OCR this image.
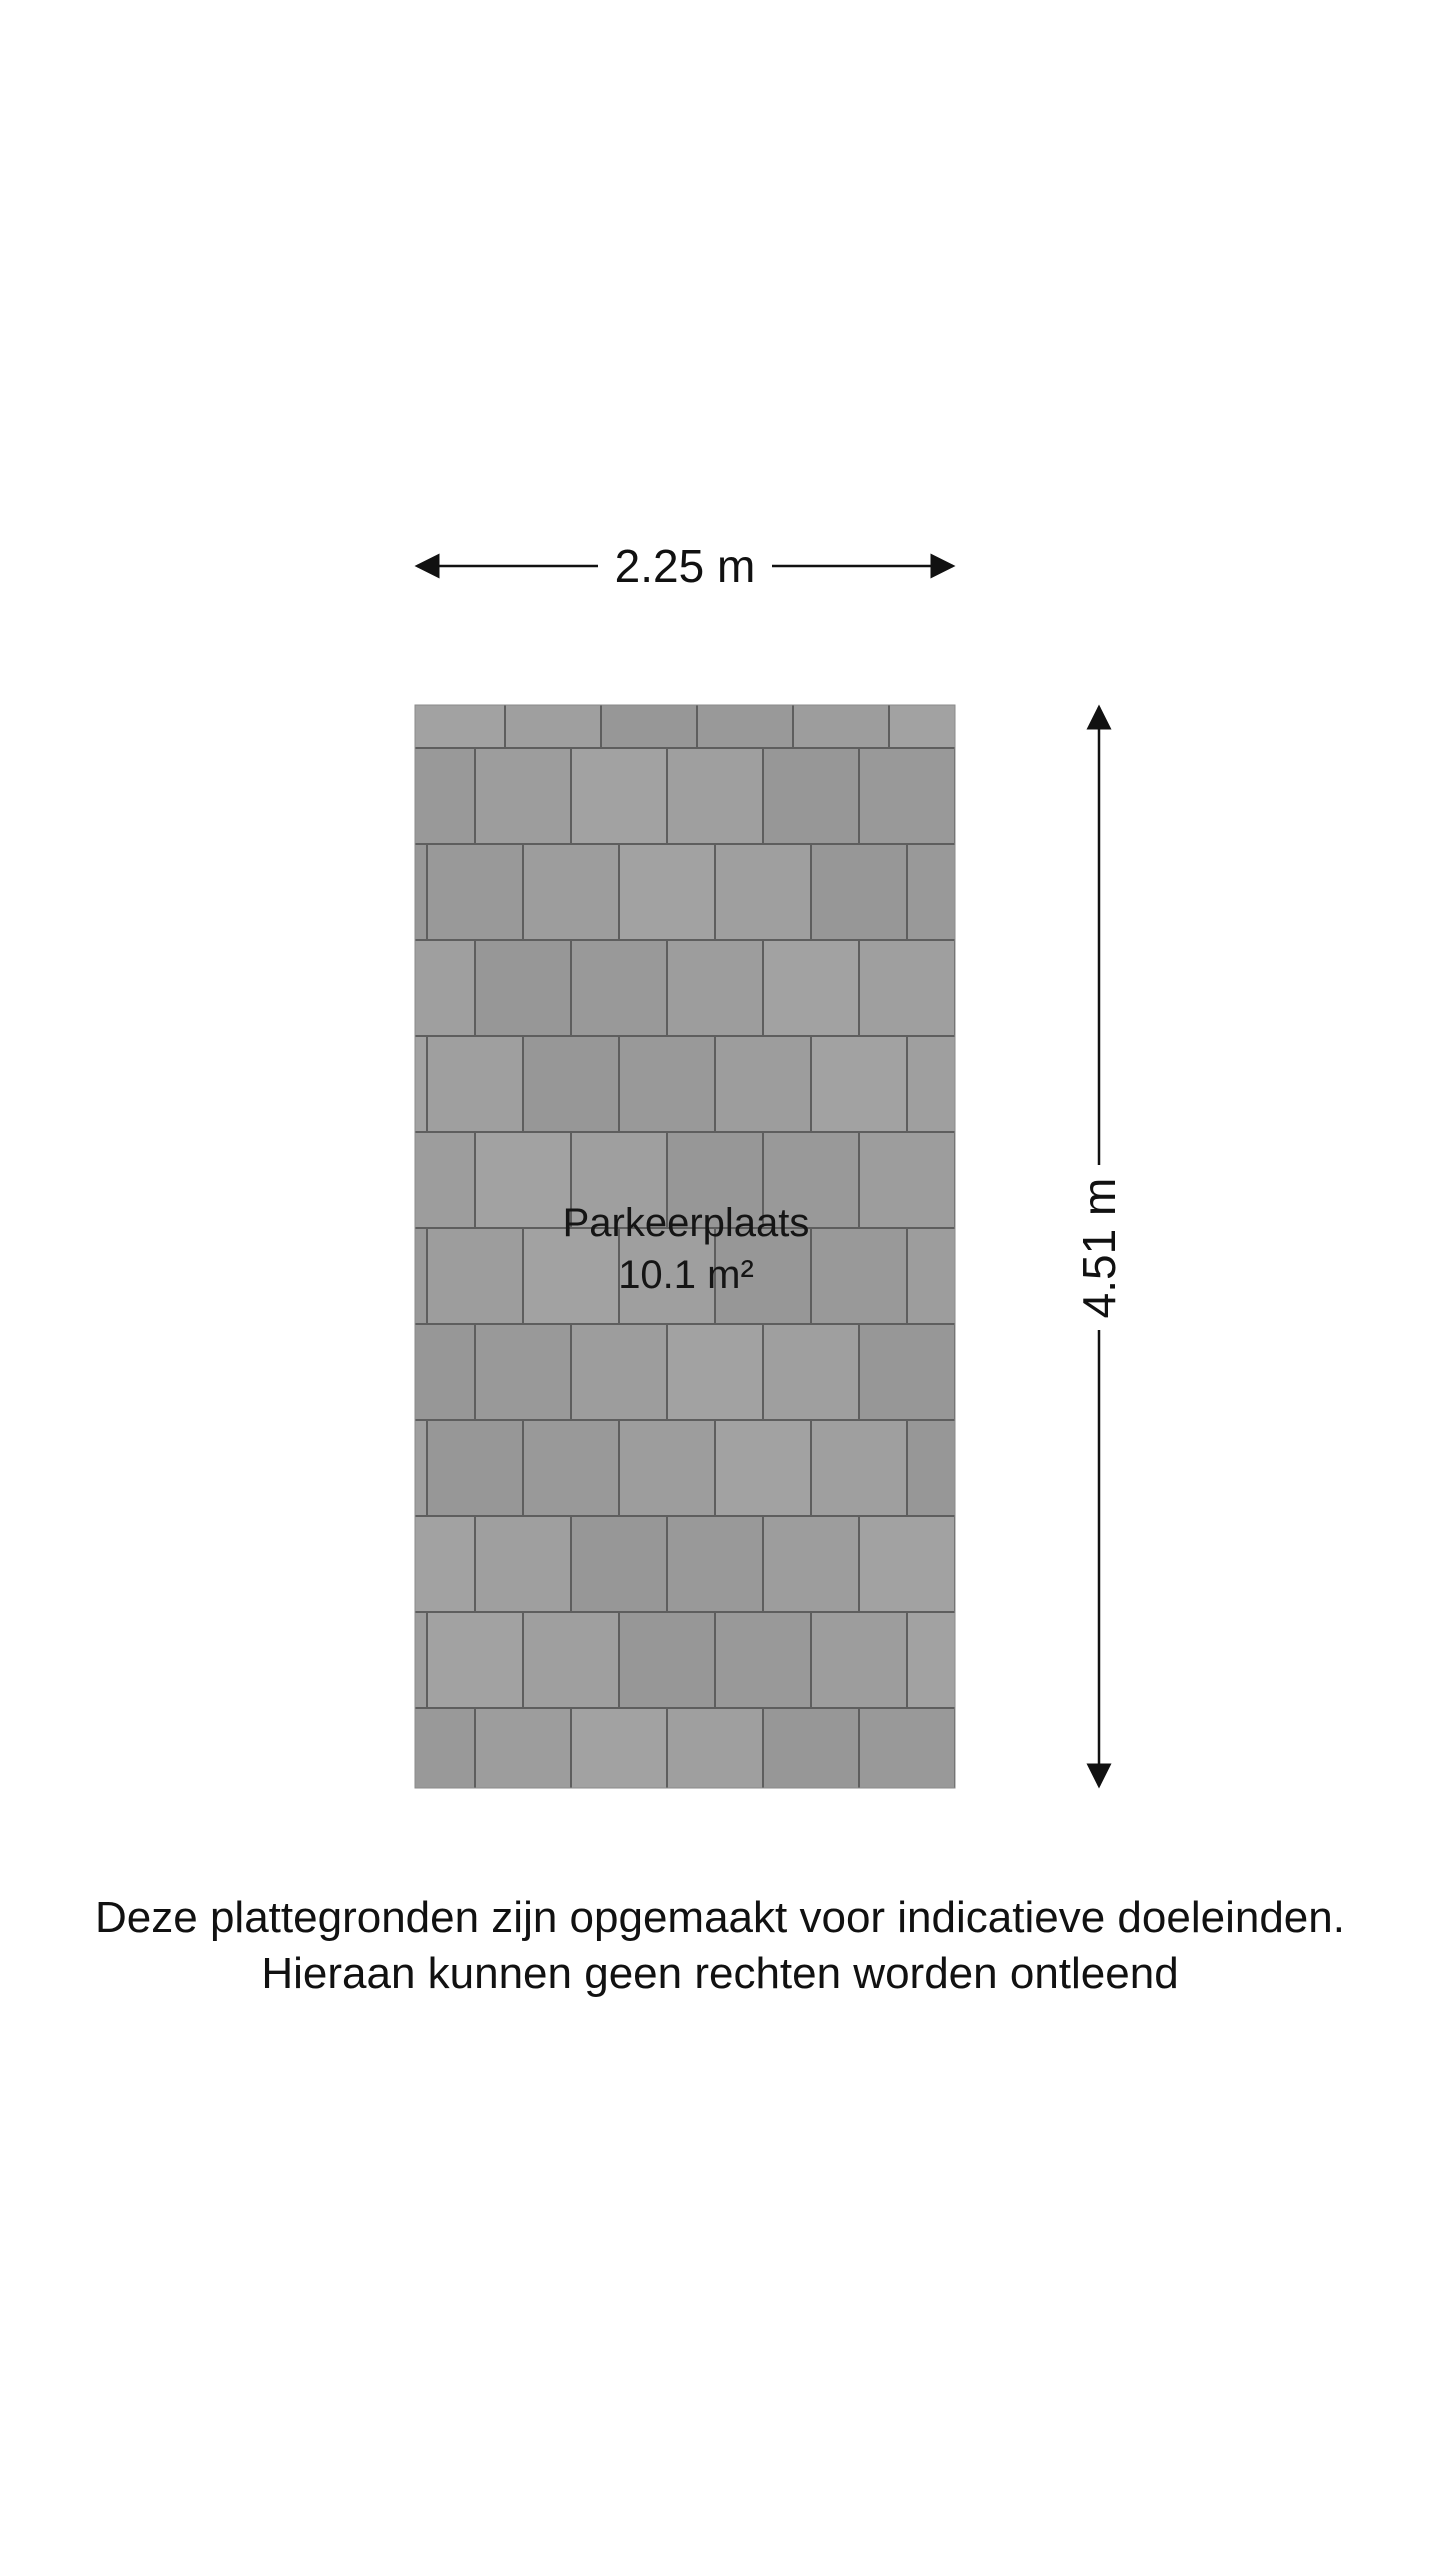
2.25 m
Parkeerplaats
10.1 m²	4.51 m
Deze plattegronden zijn opgemaakt voor indicatieve doeleinden.
Hieraan kunnen geen rechten worden ontleend
